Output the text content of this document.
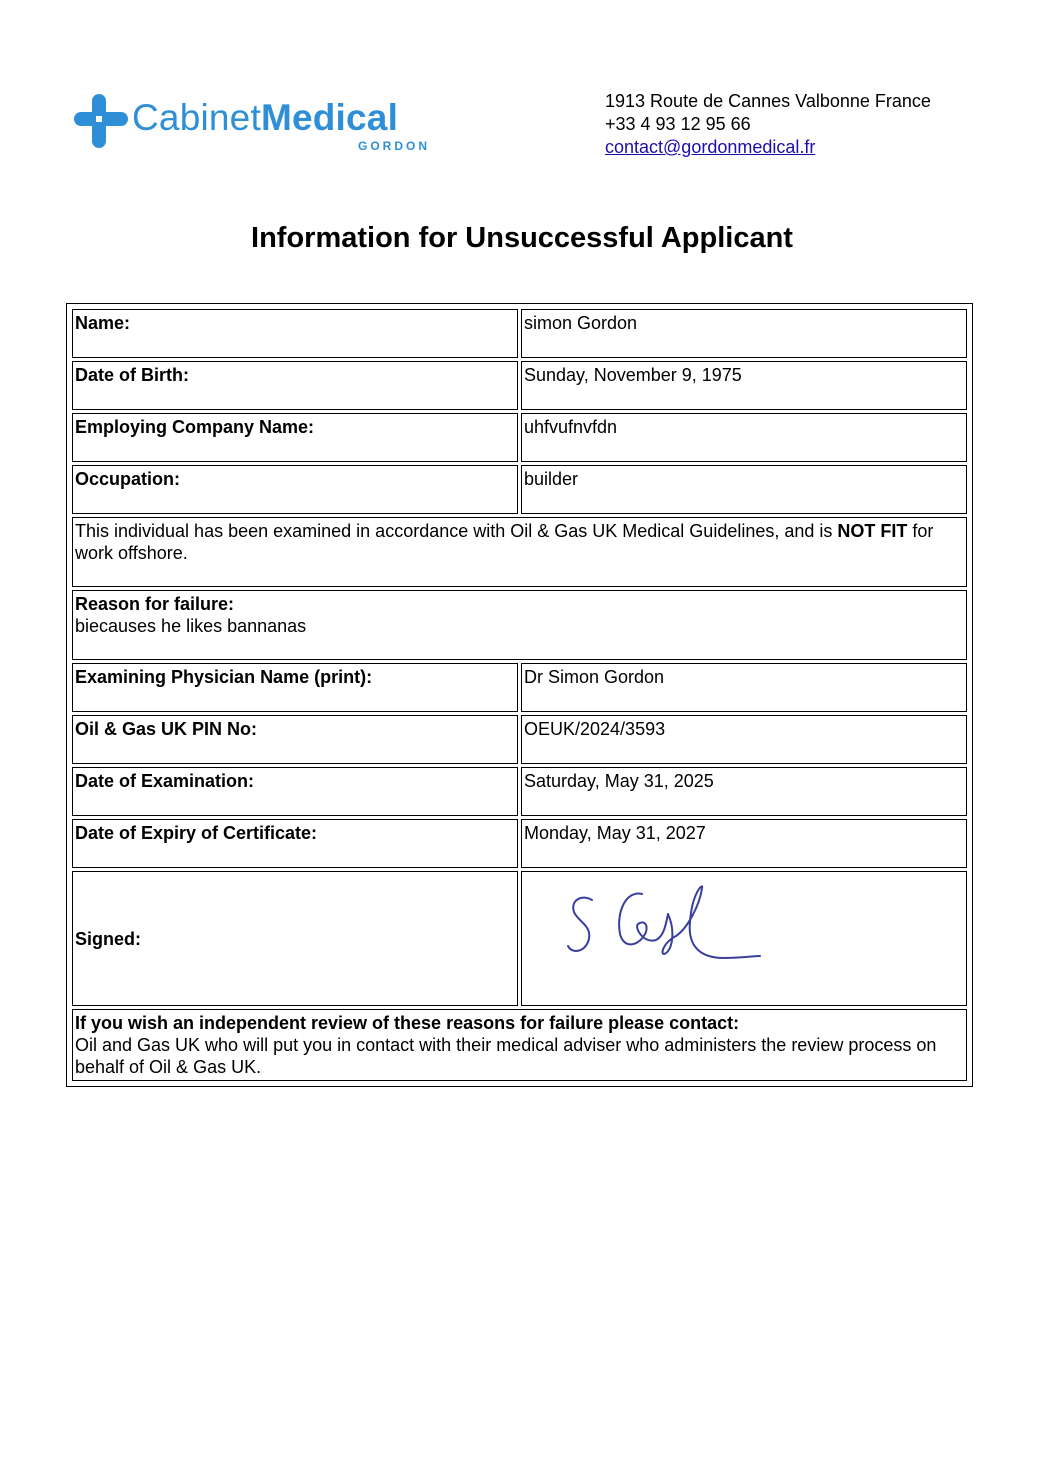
CabinetMedical
GORDON
1913 Route de Cannes Valbonne France
+33 4 93 12 95 66
contact@gordonmedical.fr
Information for Unsuccessful Applicant
Name:	simon Gordon
Date of Birth:	Sunday, November 9, 1975
Employing Company Name:	uhfvufnvfdn
Occupation:	builder
This individual has been examined in accordance with Oil & Gas UK Medical Guidelines, and is NOT FIT for work offshore.	

Reason for failure:
biecauses he likes bannanas	

Examining Physician Name (print):	Dr Simon Gordon
Oil & Gas UK PIN No:	OEUK/2024/3593
Date of Examination:	Saturday, May 31, 2025
Date of Expiry of Certificate:	Monday, May 31, 2027
Signed:	

If you wish an independent review of these reasons for failure please contact:
Oil and Gas UK who will put you in contact with their medical adviser who administers the review process on behalf of Oil & Gas UK.	
